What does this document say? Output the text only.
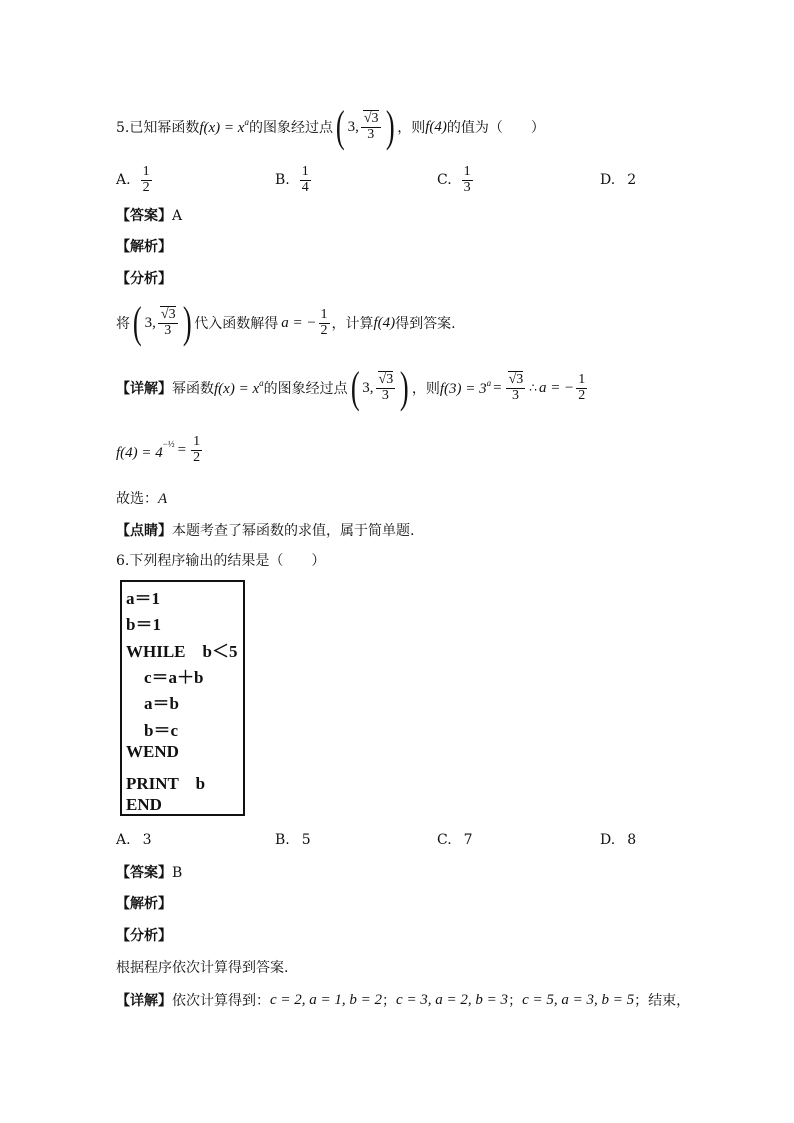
5.已知幂函数 $f(x) = x^a$ 的图象经过点 ( 3, $\frac{√3}{3}$ ) ，则 f(4) 的值为（　　）
A. $\frac{1}{2}$	B. $\frac{1}{4}$	C. $\frac{1}{3}$	D. 2
【答案】A
【解析】
【分析】
将 ( 3, $\frac{√3}{3}$ ) 代入函数解得 a = − $\frac{1}{2}$ ，计算 f(4) 得到答案.
【详解】 幂函数 $f(x) = x^a$ 的图象经过点 ( 3, $\frac{√3}{3}$ ) ，则 $f(3) = 3^a = \frac{√3}{3}$ ∴ a = − $\frac{1}{2}$
$f(4) = 4^{-\frac{1}{2}} = \frac{1}{2}$
故选：A
【点睛】本题考查了幂函数的求值，属于简单题.
6.下列程序输出的结果是（　　）
a＝1
b＝1
WHILE　b＜5
c＝a＋b
a＝b
b＝c
WEND
PRINT　b
END
A. 3	B. 5	C. 7	D. 8
【答案】B
【解析】
【分析】
根据程序依次计算得到答案.
【详解】 依次计算得到： c = 2, a = 1, b = 2 ； c = 3, a = 2, b = 3 ； c = 5, a = 3, b = 5 ；结束，
